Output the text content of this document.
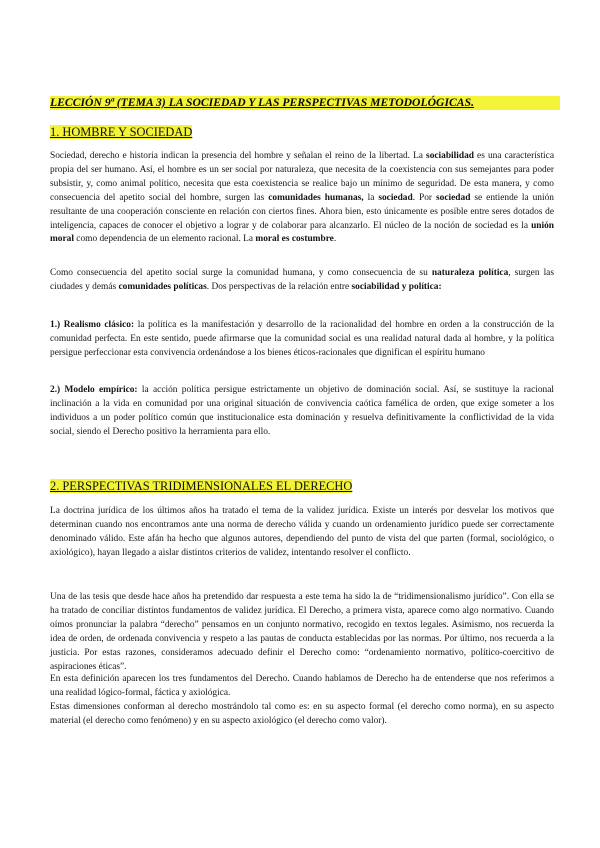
LECCIÓN 9ª (TEMA 3) LA SOCIEDAD Y LAS PERSPECTIVAS METODOLÓGICAS.
1. HOMBRE Y SOCIEDAD
Sociedad, derecho e historia indican la presencia del hombre y señalan el reino de la libertad. La sociabilidad es una característica propia del ser humano. Así, el hombre es un ser social por naturaleza, que necesita de la coexistencia con sus semejantes para poder subsistir, y, como animal político, necesita que esta coexistencia se realice bajo un mínimo de seguridad. De esta manera, y como consecuencia del apetito social del hombre, surgen las comunidades humanas, la sociedad. Por sociedad se entiende la unión resultante de una cooperación consciente en relación con ciertos fines. Ahora bien, esto únicamente es posible entre seres dotados de inteligencia, capaces de conocer el objetivo a lograr y de colaborar para alcanzarlo. El núcleo de la noción de sociedad es la unión moral como dependencia de un elemento racional. La moral es costumbre.
Como consecuencia del apetito social surge la comunidad humana, y como consecuencia de su naturaleza política, surgen las ciudades y demás comunidades políticas. Dos perspectivas de la relación entre sociabilidad y política:
1.) Realismo clásico: la política es la manifestación y desarrollo de la racionalidad del hombre en orden a la construcción de la comunidad perfecta. En este sentido, puede afirmarse que la comunidad social es una realidad natural dada al hombre, y la política persigue perfeccionar esta convivencia ordenándose a los bienes éticos-racionales que dignifican el espíritu humano
2.) Modelo empírico: la acción política persigue estrictamente un objetivo de dominación social. Así, se sustituye la racional inclinación a la vida en comunidad por una original situación de convivencia caótica famélica de orden, que exige someter a los individuos a un poder político común que institucionalice esta dominación y resuelva definitivamente la conflictividad de la vida social, siendo el Derecho positivo la herramienta para ello.
2. PERSPECTIVAS TRIDIMENSIONALES EL DERECHO
La doctrina jurídica de los últimos años ha tratado el tema de la validez jurídica. Existe un interés por desvelar los motivos que determinan cuando nos encontramos ante una norma de derecho válida y cuando un ordenamiento jurídico puede ser correctamente denominado válido. Este afán ha hecho que algunos autores, dependiendo del punto de vista del que parten (formal, sociológico, o axiológico), hayan llegado a aislar distintos criterios de validez, intentando resolver el conflicto.
Una de las tesis que desde hace años ha pretendido dar respuesta a este tema ha sido la de “tridimensionalismo jurídico”. Con ella se ha tratado de conciliar distintos fundamentos de validez jurídica. El Derecho, a primera vista, aparece como algo normativo. Cuando oímos pronunciar la palabra “derecho” pensamos en un conjunto normativo, recogido en textos legales. Asimismo, nos recuerda la idea de orden, de ordenada convivencia y respeto a las pautas de conducta establecidas por las normas. Por último, nos recuerda a la justicia. Por estas razones, consideramos adecuado definir el Derecho como: “ordenamiento normativo, político-coercitivo de aspiraciones éticas”.
En esta definición aparecen los tres fundamentos del Derecho. Cuando hablamos de Derecho ha de entenderse que nos referimos a una realidad lógico-formal, fáctica y axiológica.
Estas dimensiones conforman al derecho mostrándolo tal como es: en su aspecto formal (el derecho como norma), en su aspecto material (el derecho como fenómeno) y en su aspecto axiológico (el derecho como valor).
